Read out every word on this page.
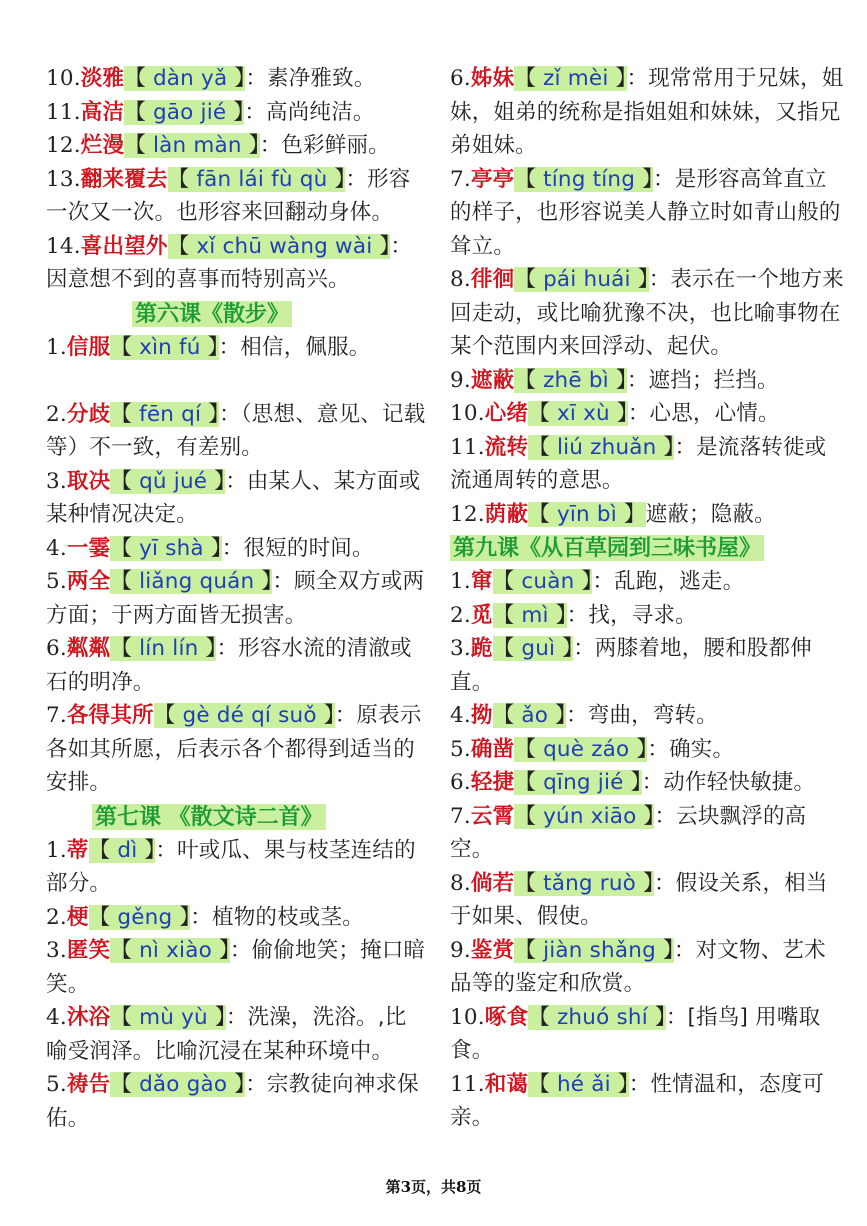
10.淡雅【 dàn yǎ 】：素净雅致。
11.高洁【 gāo jié 】：高尚纯洁。
12.烂漫【 làn màn 】：色彩鲜丽。
13.翻来覆去【 fān lái fù qù 】：形容一次又一次。也形容来回翻动身体。
14.喜出望外【 xǐ chū wàng wài 】：因意想不到的喜事而特别高兴。
第六课《散步》
1.信服【 xìn fú 】：相信，佩服。
2.分歧【 fēn qí 】：（思想、意见、记载等）不一致，有差别。
3.取决【 qǔ jué 】：由某人、某方面或某种情况决定。
4.一霎【 yī shà 】：很短的时间。
5.两全【 liǎng quán 】：顾全双方或两方面；于两方面皆无损害。
6.粼粼【 lín lín 】：形容水流的清澈或石的明净。
7.各得其所【 gè dé qí suǒ 】：原表示各如其所愿，后表示各个都得到适当的安排。
第七课 《散文诗二首》
1.蒂【 dì 】：叶或瓜、果与枝茎连结的部分。
2.梗【 gěng 】：植物的枝或茎。
3.匿笑【 nì xiào 】：偷偷地笑；掩口暗笑。
4.沐浴【 mù yù 】：洗澡，洗浴。,比喻受润泽。比喻沉浸在某种环境中。
5.祷告【 dǎo gào 】：宗教徒向神求保佑。
6.姊妹【 zǐ mèi 】：现常常用于兄妹，姐妹，姐弟的统称是指姐姐和妹妹，又指兄弟姐妹。
7.亭亭【 tíng tíng 】：是形容高耸直立的样子，也形容说美人静立时如青山般的耸立。
8.徘徊【 pái huái 】：表示在一个地方来回走动，或比喻犹豫不决，也比喻事物在某个范围内来回浮动、起伏。
9.遮蔽【 zhē bì 】：遮挡；拦挡。
10.心绪【 xī xù 】：心思，心情。
11.流转【 liú zhuǎn 】：是流落转徙或流通周转的意思。
12.荫蔽【 yīn bì 】遮蔽；隐蔽。
第九课《从百草园到三味书屋》
1.窜【 cuàn 】：乱跑，逃走。
2.觅【 mì 】：找，寻求。
3.跪【 guì 】：两膝着地，腰和股都伸直。
4.拗【 ǎo 】：弯曲，弯转。
5.确凿【 què záo 】：确实。
6.轻捷【 qīng jié 】：动作轻快敏捷。
7.云霄【 yún xiāo 】：云块飘浮的高空。
8.倘若【 tǎng ruò 】：假设关系，相当于如果、假使。
9.鉴赏【 jiàn shǎng 】：对文物、艺术品等的鉴定和欣赏。
10.啄食【 zhuó shí 】：[指鸟] 用嘴取食。
11.和蔼【 hé ǎi 】：性情温和，态度可亲。
第3页，共8页
